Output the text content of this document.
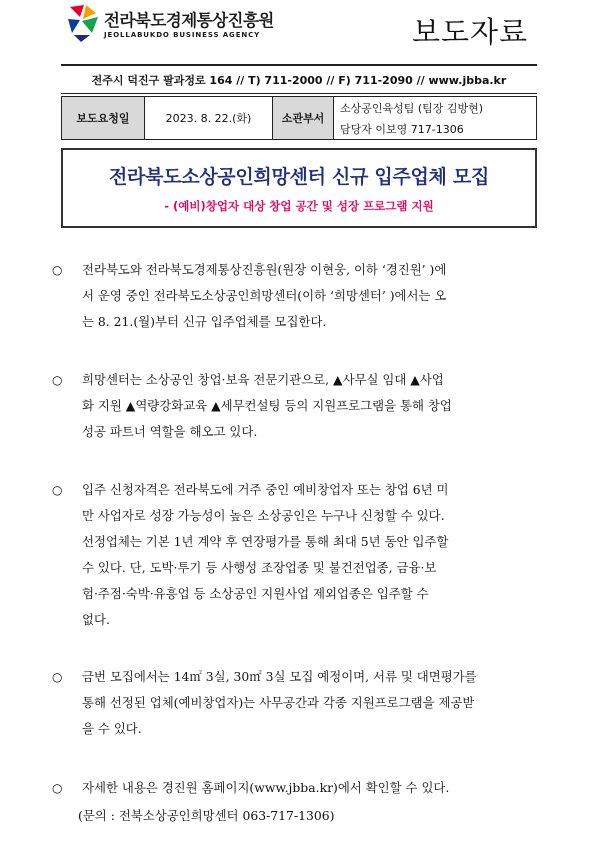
전라북도경제통상진흥원
JEOLLABUKDO BUSINESS AGENCY	보도자료
전주시 덕진구 팔과정로 164 // T) 711-2000 // F) 711-2090 // www.jbba.kr
보도요청일	2023. 8. 22.(화)	소관부서	소상공인육성팀 (팀장 김방현)
담당자 이보영 717-1306
전라북도소상공인희망센터 신규 입주업체 모집
- (예비)창업자 대상 창업 공간 및 성장 프로그램 지원
○	전라북도와 전라북도경제통상진흥원(원장 이현웅, 이하 ‘경진원’ )에
서 운영 중인 전라북도소상공인희망센터(이하 ‘희망센터’ )에서는 오
는 8. 21.(월)부터 신규 입주업체를 모집한다.
○	희망센터는 소상공인 창업·보육 전문기관으로, ▲사무실 임대 ▲사업
화 지원 ▲역량강화교육 ▲세무컨설팅 등의 지원프로그램을 통해 창업
성공 파트너 역할을 해오고 있다.
○	입주 신청자격은 전라북도에 거주 중인 예비창업자 또는 창업 6년 미
만 사업자로 성장 가능성이 높은 소상공인은 누구나 신청할 수 있다.
선정업체는 기본 1년 계약 후 연장평가를 통해 최대 5년 동안 입주할
수 있다. 단, 도박·투기 등 사행성 조장업종 및 불건전업종, 금융·보
험·주점·숙박·유흥업 등 소상공인 지원사업 제외업종은 입주할 수
없다.
○	금번 모집에서는 14㎡ 3실, 30㎡ 3실 모집 예정이며, 서류 및 대면평가를
통해 선정된 업체(예비창업자)는 사무공간과 각종 지원프로그램을 제공받
을 수 있다.
○	자세한 내용은 경진원 홈페이지(www.jbba.kr)에서 확인할 수 있다.
(문의 : 전북소상공인희망센터 063-717-1306)
